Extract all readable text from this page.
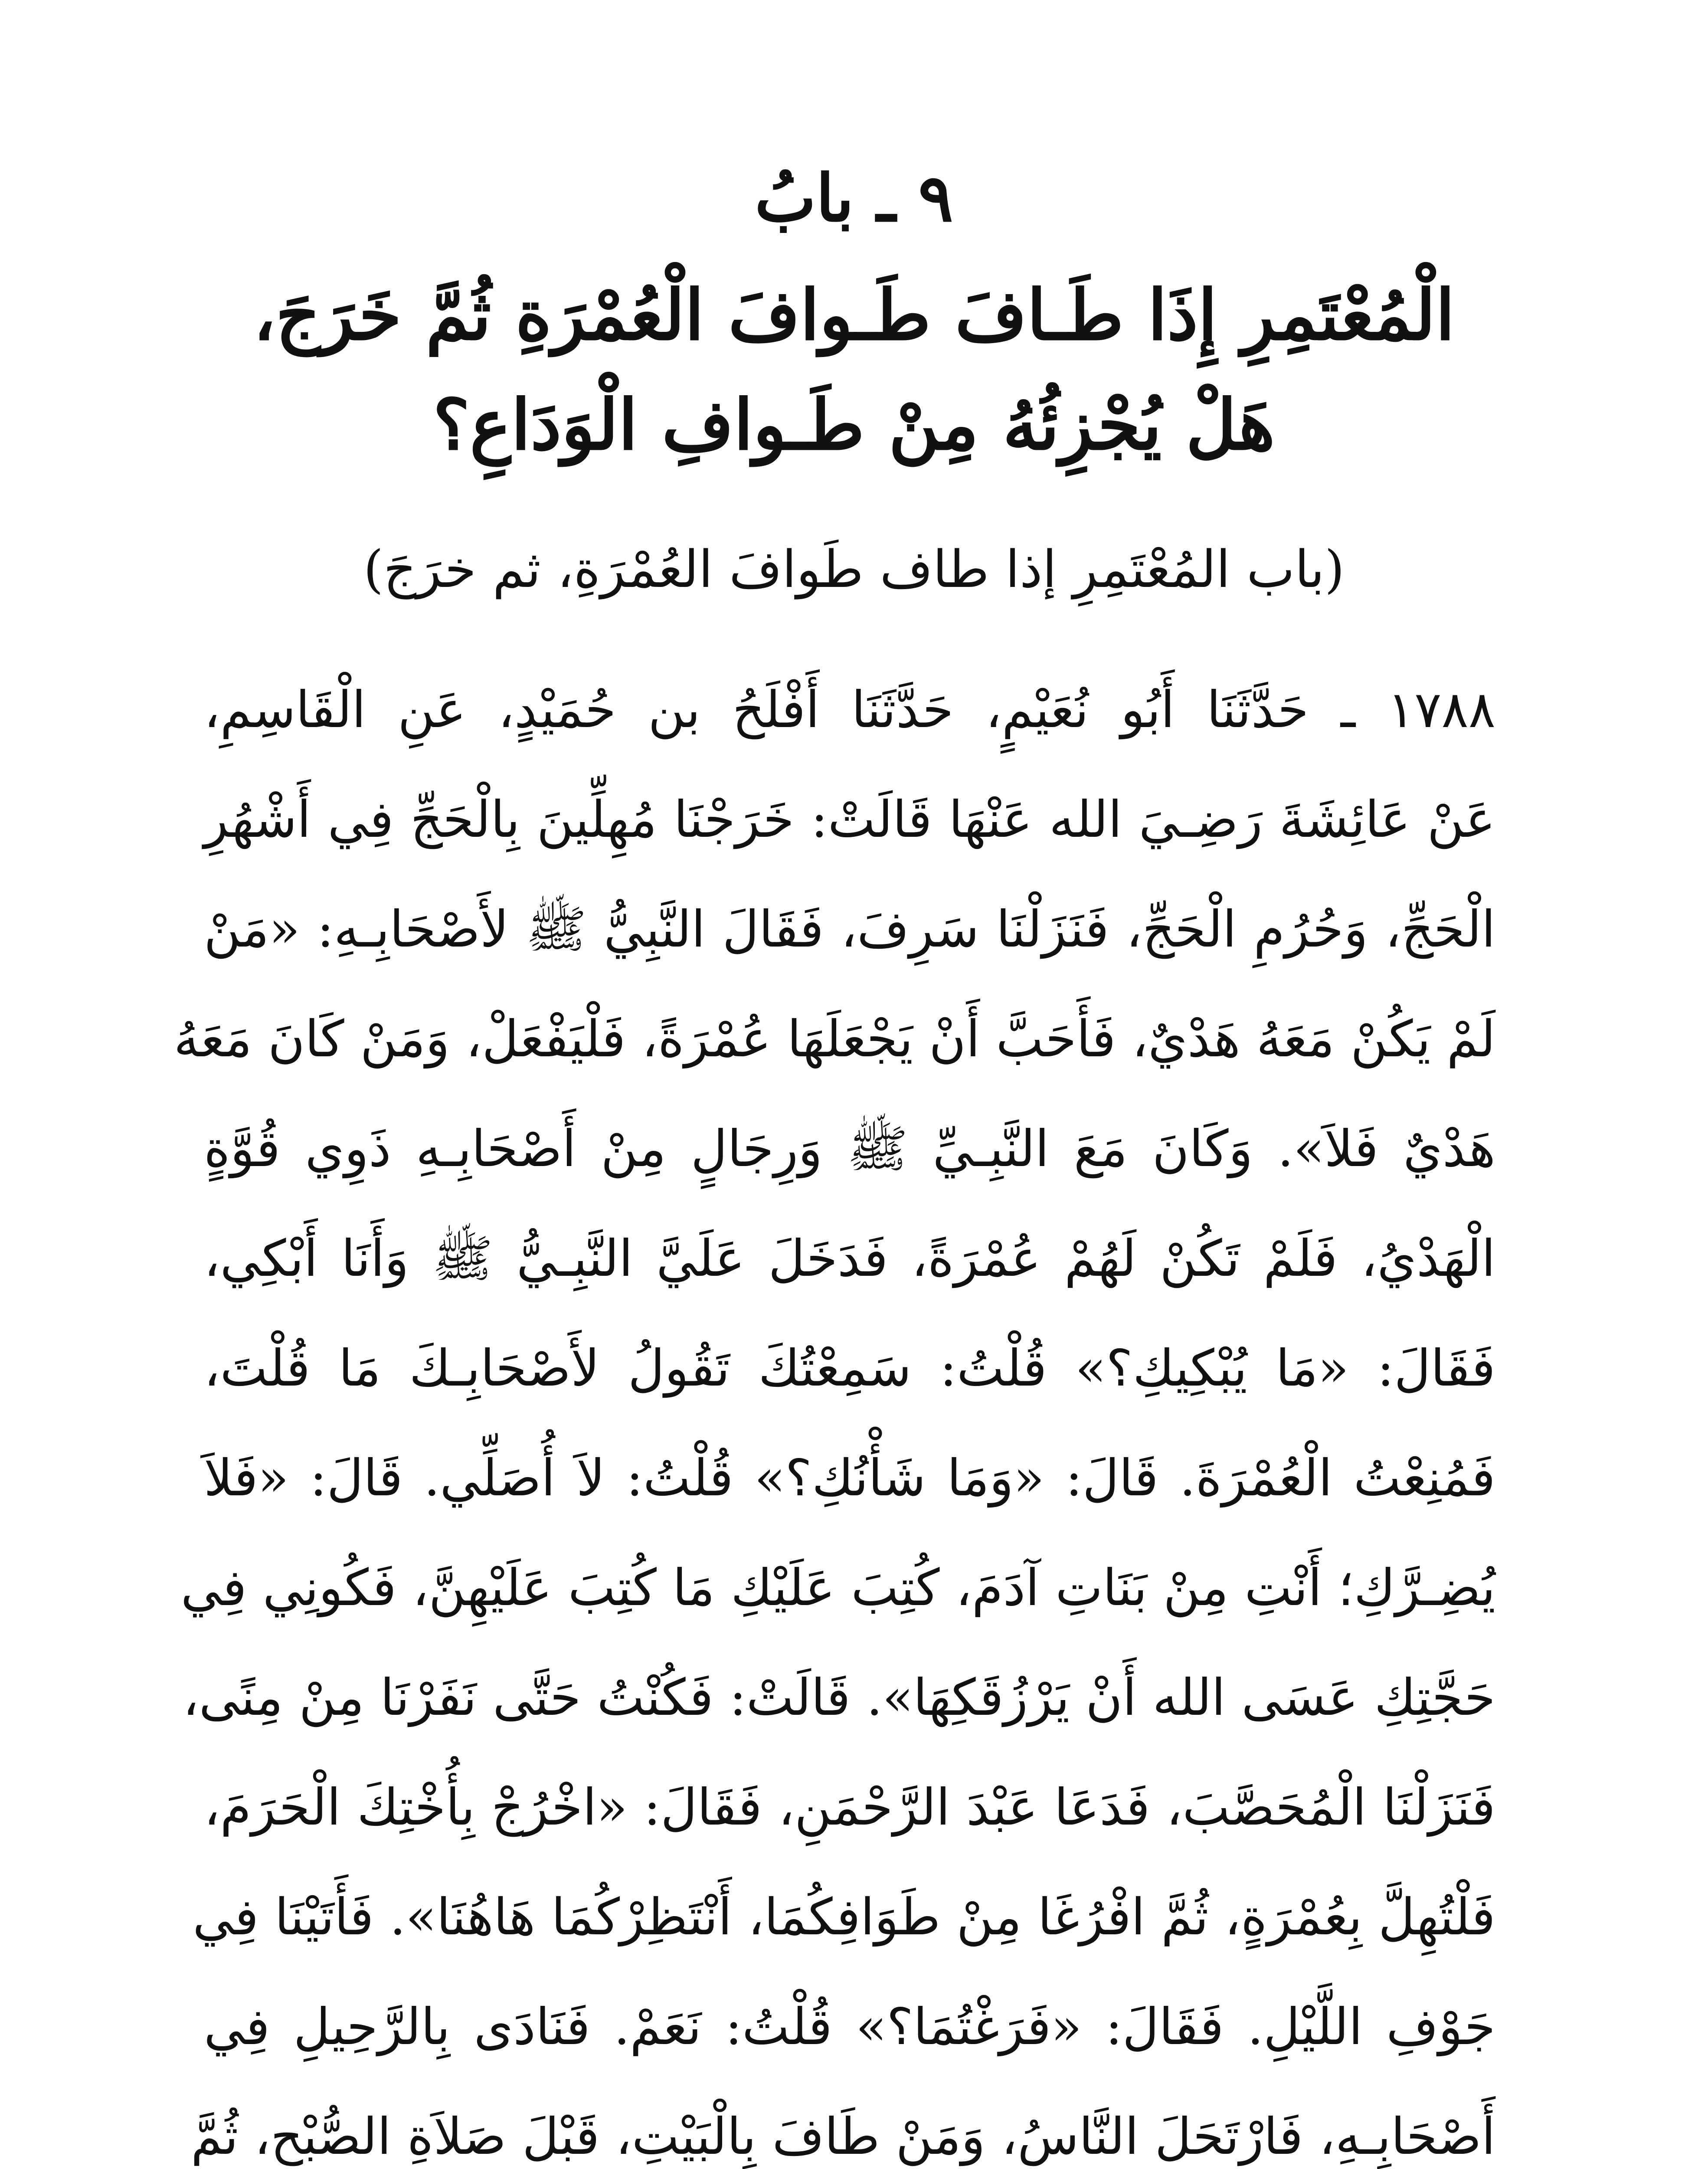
٩ ـ بابُ
الْمُعْتَمِرِ إِذَا طَـافَ طَـوافَ الْعُمْرَةِ ثُمَّ خَرَجَ،
هَلْ يُجْزِئُهُ مِنْ طَـوافِ الْوَدَاعِ؟
(باب المُعْتَمِرِ إذا طاف طَوافَ العُمْرَةِ، ثم خرَجَ)
١٧٨٨ ـ حَدَّثَنَا أَبُو نُعَيْمٍ، حَدَّثَنَا أَفْلَحُ بن حُمَيْدٍ، عَنِ الْقَاسِمِ،
عَنْ عَائِشَةَ رَضِـيَ الله عَنْهَا قَالَتْ: خَرَجْنَا مُهِلِّينَ بِالْحَجِّ فِي أَشْهُرِ
الْحَجِّ، وَحُرُمِ الْحَجِّ، فَنَزَلْنَا سَرِفَ، فَقَالَ النَّبِيُّ ﷺ لأَصْحَابِـهِ: «مَنْ
لَمْ يَكُنْ مَعَهُ هَدْيٌ، فَأَحَبَّ أَنْ يَجْعَلَهَا عُمْرَةً، فَلْيَفْعَلْ، وَمَنْ كَانَ مَعَهُ
هَدْيٌ فَلاَ». وَكَانَ مَعَ النَّبِـيِّ ﷺ وَرِجَالٍ مِنْ أَصْحَابِـهِ ذَوِي قُوَّةٍ
الْهَدْيُ، فَلَمْ تَكُنْ لَهُمْ عُمْرَةً، فَدَخَلَ عَلَيَّ النَّبِـيُّ ﷺ وَأَنَا أَبْكِي،
فَقَالَ: «مَا يُبْكِيكِ؟» قُلْتُ: سَمِعْتُكَ تَقُولُ لأَصْحَابِـكَ مَا قُلْتَ،
فَمُنِعْتُ الْعُمْرَةَ. قَالَ: «وَمَا شَأْنُكِ؟» قُلْتُ: لاَ أُصَلِّي. قَالَ: «فَلاَ
يُضِـرَّكِ؛ أَنْتِ مِنْ بَنَاتِ آدَمَ، كُتِبَ عَلَيْكِ مَا كُتِبَ عَلَيْهِنَّ، فَكُونِي فِي
حَجَّتِكِ عَسَى الله أَنْ يَرْزُقَكِهَا». قَالَتْ: فَكُنْتُ حَتَّى نَفَرْنَا مِنْ مِنًى،
فَنَزَلْنَا الْمُحَصَّبَ، فَدَعَا عَبْدَ الرَّحْمَنِ، فَقَالَ: «اخْرُجْ بِأُخْتِكَ الْحَرَمَ،
فَلْتُهِلَّ بِعُمْرَةٍ، ثُمَّ افْرُغَا مِنْ طَوَافِكُمَا، أَنْتَظِرْكُمَا هَاهُنَا». فَأَتَيْنَا فِي
جَوْفِ اللَّيْلِ. فَقَالَ: «فَرَغْتُمَا؟» قُلْتُ: نَعَمْ. فَنَادَى بِالرَّحِيلِ فِي
أَصْحَابِـهِ، فَارْتَحَلَ النَّاسُ، وَمَنْ طَافَ بِالْبَيْتِ، قَبْلَ صَلاَةِ الصُّبْحِ، ثُمَّ
